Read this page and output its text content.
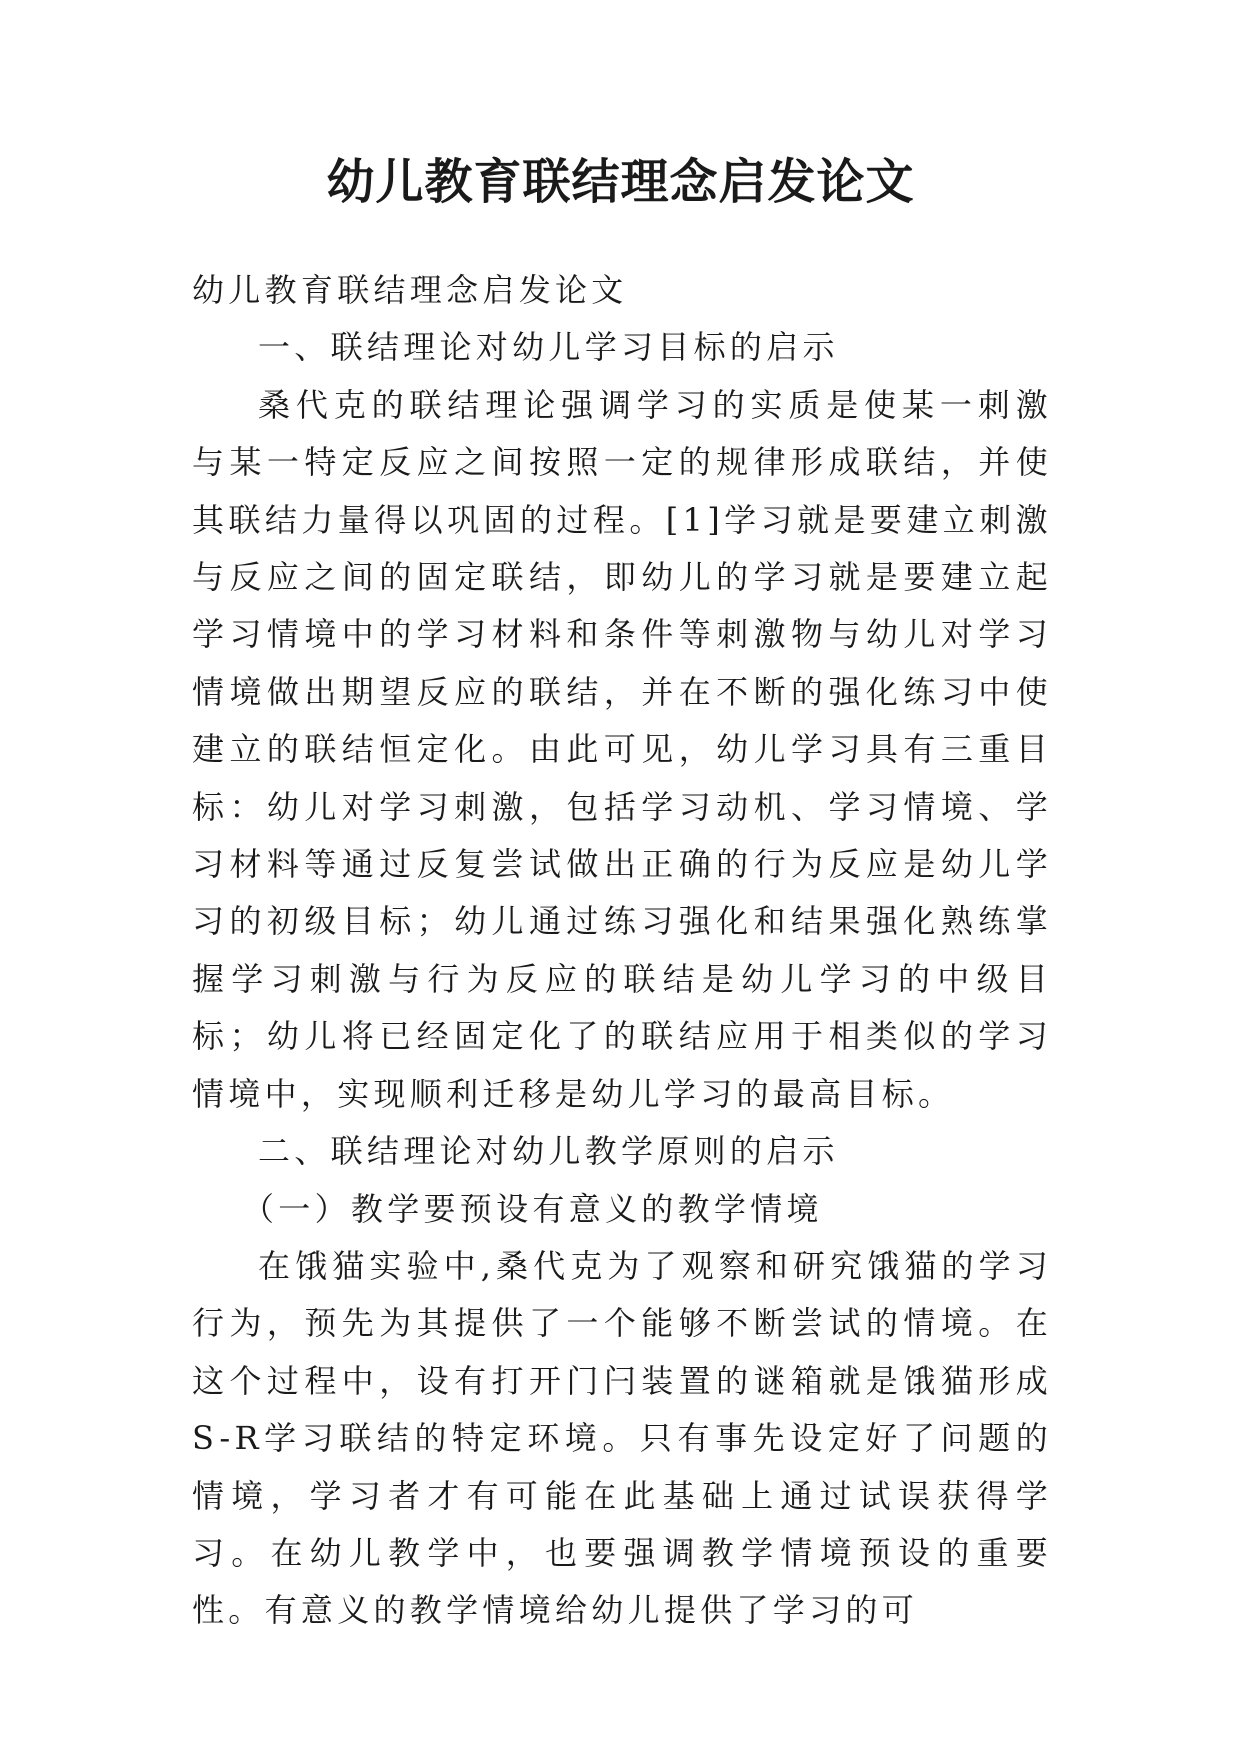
幼儿教育联结理念启发论文

幼儿教育联结理念启发论文

一、联结理论对幼儿学习目标的启示

桑代克的联结理论强调学习的实质是使某一刺激与某一特定反应之间按照一定的规律形成联结，并使其联结力量得以巩固的过程。[1]学习就是要建立刺激与反应之间的固定联结，即幼儿的学习就是要建立起学习情境中的学习材料和条件等刺激物与幼儿对学习情境做出期望反应的联结，并在不断的强化练习中使建立的联结恒定化。由此可见，幼儿学习具有三重目标：幼儿对学习刺激，包括学习动机、学习情境、学习材料等通过反复尝试做出正确的行为反应是幼儿学习的初级目标；幼儿通过练习强化和结果强化熟练掌握学习刺激与行为反应的联结是幼儿学习的中级目标；幼儿将已经固定化了的联结应用于相类似的学习情境中，实现顺利迁移是幼儿学习的最高目标。

二、联结理论对幼儿教学原则的启示

（一）教学要预设有意义的教学情境

在饿猫实验中,桑代克为了观察和研究饿猫的学习行为，预先为其提供了一个能够不断尝试的情境。在这个过程中，设有打开门闩装置的谜箱就是饿猫形成S-R学习联结的特定环境。只有事先设定好了问题的情境，学习者才有可能在此基础上通过试误获得学习。在幼儿教学中，也要强调教学情境预设的重要性。有意义的教学情境给幼儿提供了学习的可
